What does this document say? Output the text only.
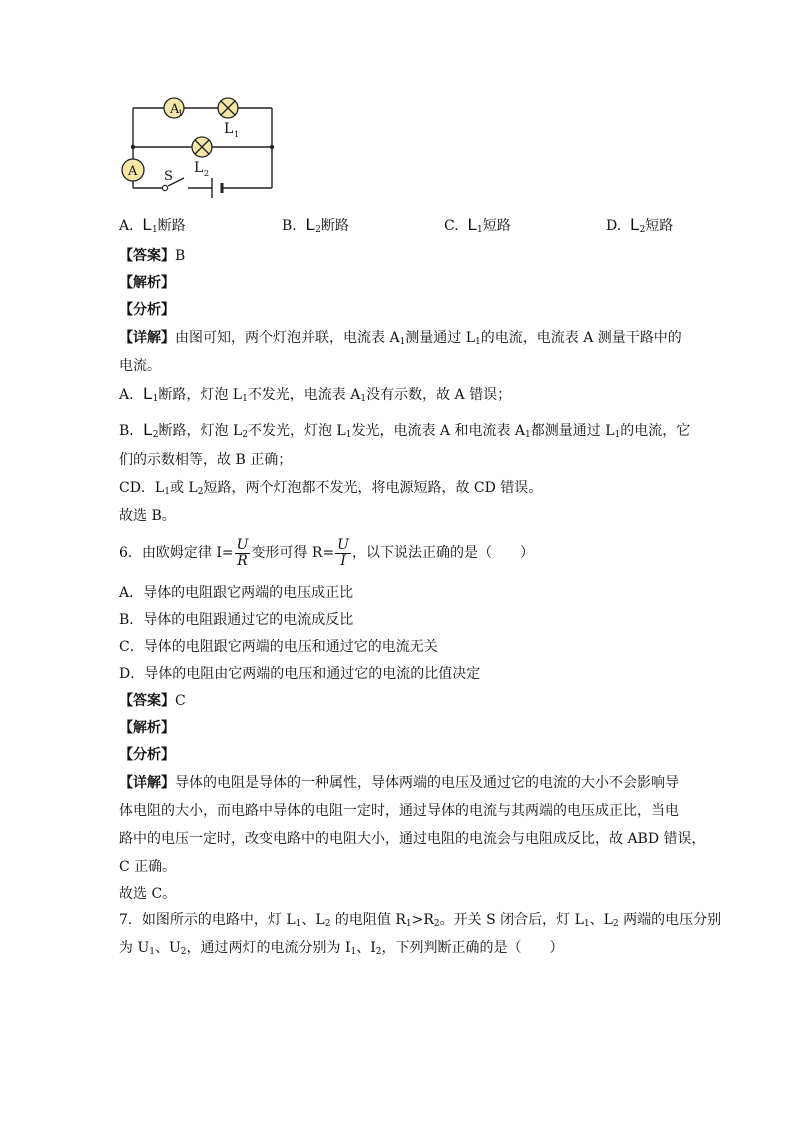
A
1
L 1
L 2
A S
A. $L_1$断路	B. $L_2$断路	C. $L_1$短路	D. $L_2$短路
【答案】B
【解析】
【分析】
【详解】由图可知，两个灯泡并联，电流表 $A_1$测量通过 $L_1$的电流，电流表 A 测量干路中的
电流。
A．$L_1$断路，灯泡 $L_1$不发光，电流表 $A_1$没有示数，故 A 错误；
B．$L_2$断路，灯泡 $L_2$不发光，灯泡 $L_1$发光，电流表 A 和电流表 $A_1$都测量通过 $L_1$的电流，它
们的示数相等，故 B 正确；
CD．$L_1$或 $L_2$短路，两个灯泡都不发光，将电源短路，故 CD 错误。
故选 B。
6．由欧姆定律 $I= \frac{U}{R}$ 变形可得 $R= \frac{U}{I}$ ，以下说法正确的是（　　）
A．导体的电阻跟它两端的电压成正比
B．导体的电阻跟通过它的电流成反比
C．导体的电阻跟它两端的电压和通过它的电流无关
D．导体的电阻由它两端的电压和通过它的电流的比值决定
【答案】C
【解析】
【分析】
【详解】导体的电阻是导体的一种属性，导体两端的电压及通过它的电流的大小不会影响导
体电阻的大小，而电路中导体的电阻一定时，通过导体的电流与其两端的电压成正比，当电
路中的电压一定时，改变电路中的电阻大小，通过电阻的电流会与电阻成反比，故 ABD 错误，
C 正确。
故选 C。
7．如图所示的电路中，灯 $L_1$、$L_2$ 的电阻值 $R_1>R_2$。开关 S 闭合后，灯 $L_1$、$L_2$ 两端的电压分别
为 $U_1$、$U_2$，通过两灯的电流分别为 $I_1$、$I_2$，下列判断正确的是（　　）
